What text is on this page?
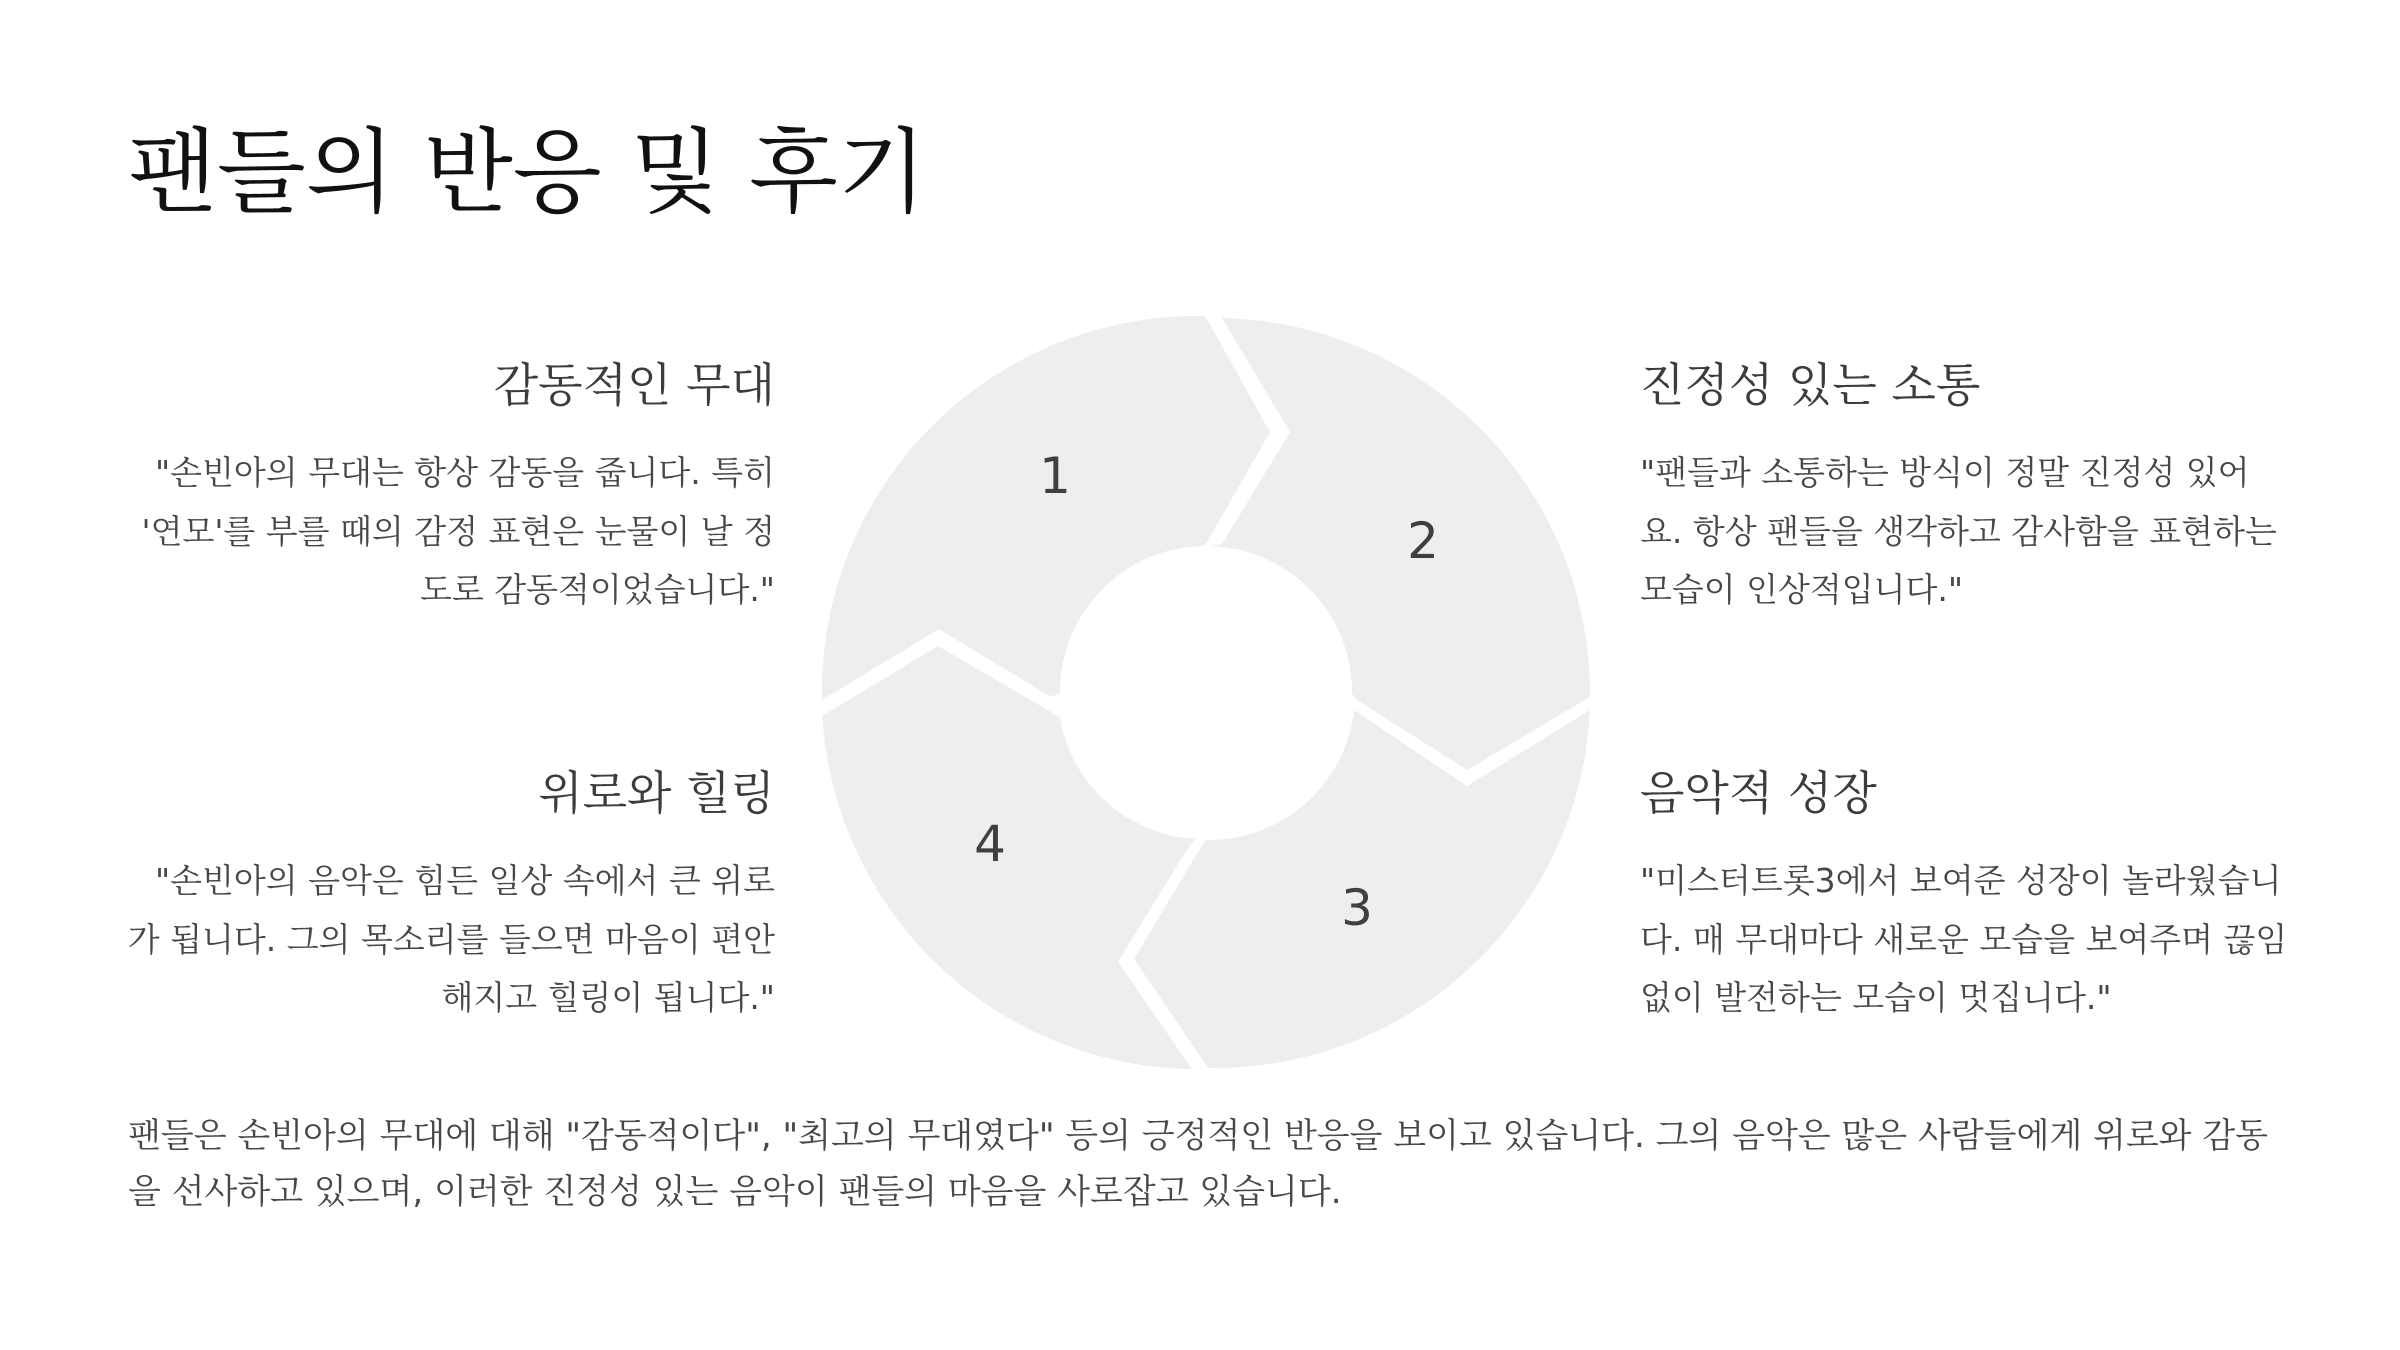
팬들의 반응 및 후기
1
2
3
4
감동적인 무대

"손빈아의 무대는 항상 감동을 줍니다. 특히 '연모'를 부를 때의 감정 표현은 눈물이 날 정도로 감동적이었습니다."

진정성 있는 소통

"팬들과 소통하는 방식이 정말 진정성 있어요. 항상 팬들을 생각하고 감사함을 표현하는 모습이 인상적입니다."

음악적 성장

"미스터트롯3에서 보여준 성장이 놀라웠습니다. 매 무대마다 새로운 모습을 보여주며 끊임없이 발전하는 모습이 멋집니다."

위로와 힐링

"손빈아의 음악은 힘든 일상 속에서 큰 위로가 됩니다. 그의 목소리를 들으면 마음이 편안해지고 힐링이 됩니다."

팬들은 손빈아의 무대에 대해 "감동적이다", "최고의 무대였다" 등의 긍정적인 반응을 보이고 있습니다. 그의 음악은 많은 사람들에게 위로와 감동을 선사하고 있으며, 이러한 진정성 있는 음악이 팬들의 마음을 사로잡고 있습니다.
